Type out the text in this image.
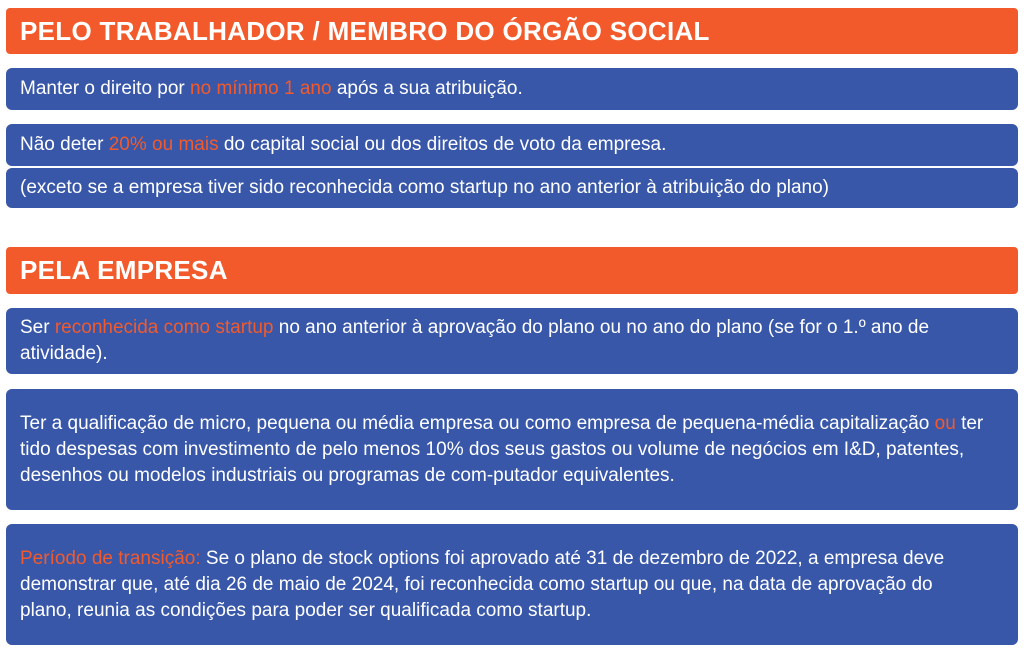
PELO TRABALHADOR / MEMBRO DO ÓRGÃO SOCIAL

Manter o direito por no mínimo 1 ano após a sua atribuição.

Não deter 20% ou mais do capital social ou dos direitos de voto da empresa.

(exceto se a empresa tiver sido reconhecida como startup no ano anterior à atribuição do plano)

PELA EMPRESA

Ser reconhecida como startup no ano anterior à aprovação do plano ou no ano do plano (se for o 1.º ano de atividade).

Ter a qualificação de micro, pequena ou média empresa ou como empresa de pequena-média capitalização ou ter tido despesas com investimento de pelo menos 10% dos seus gastos ou volume de negócios em I&D, patentes, desenhos ou modelos industriais ou programas de com-putador equivalentes.

Período de transição: Se o plano de stock options foi aprovado até 31 de dezembro de 2022, a empresa deve demonstrar que, até dia 26 de maio de 2024, foi reconhecida como startup ou que, na data de aprovação do plano, reunia as condições para poder ser qualificada como startup.
